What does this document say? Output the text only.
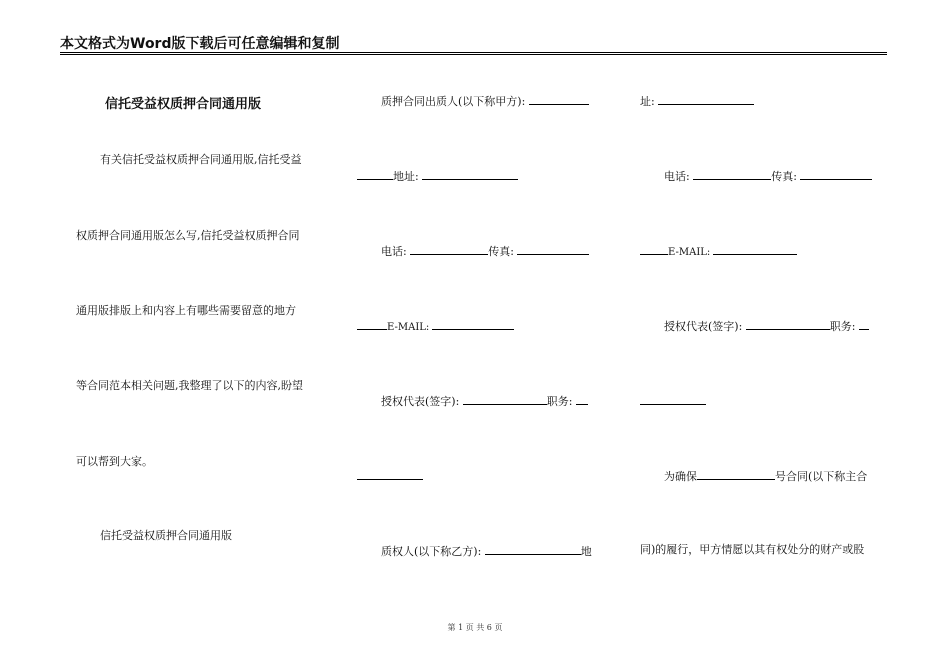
本文格式为Word版下载后可任意编辑和复制
信托受益权质押合同通用版
有关信托受益权质押合同通用版,信托受益
权质押合同通用版怎么写,信托受益权质押合同
通用版排版上和内容上有哪些需要留意的地方
等合同范本相关问题,我整理了以下的内容,盼望
可以帮到大家。
信托受益权质押合同通用版
质押合同出质人(以下称甲方):
地址:
电话:	传真:
E-MAIL:
授权代表(签字):	职务:
质权人(以下称乙方):	地
址:
电话:	传真:
E-MAIL:
授权代表(签字):	职务:
为确保	号合同(以下称主合
同)的履行，甲方情愿以其有权处分的财产或股
第 1 页 共 6 页
